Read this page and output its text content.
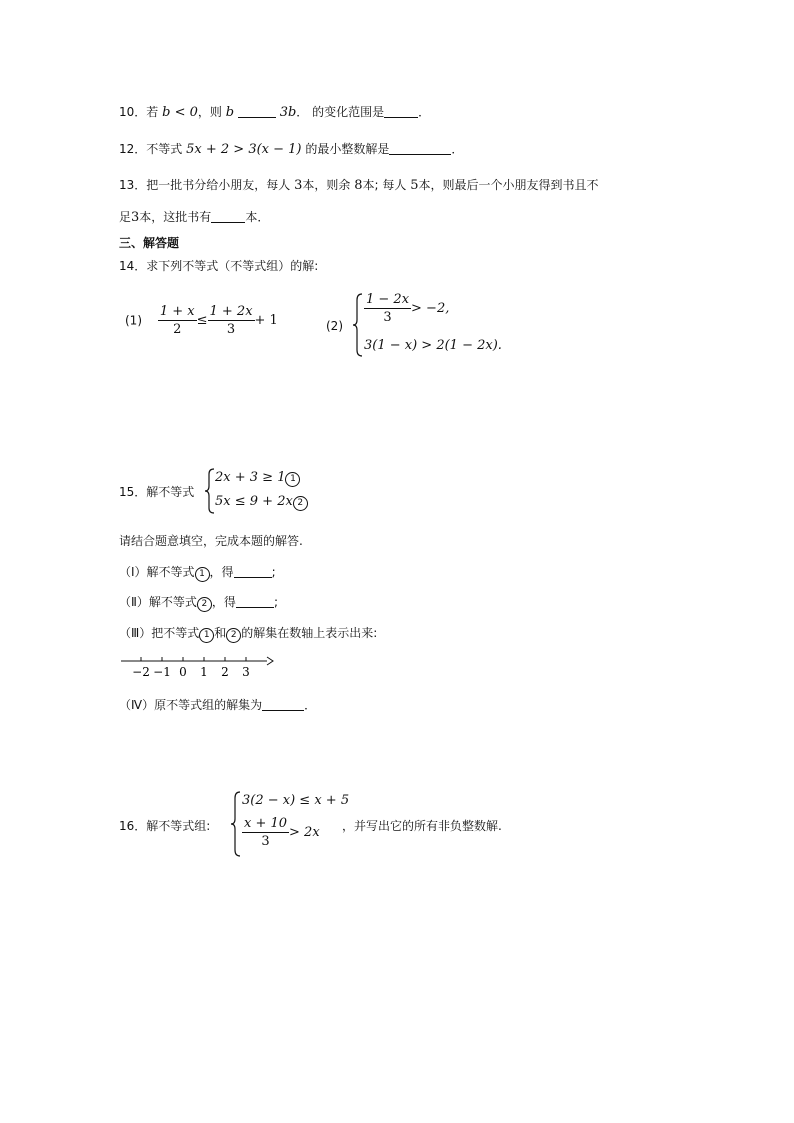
10．若 b < 0，则 b	3b． 的变化范围是	．
12．不等式 5x + 2 > 3(x − 1) 的最小整数解是	．
13．把一批书分给小朋友，每人 3本，则余 8本; 每人 5本，则最后一个小朋友得到书且不
足3本，这批书有	本．
三、解答题
14．求下列不等式（不等式组）的解:
$(1) \frac{1 + x}{2} \le \frac{1 + 2x}{3} + 1$	(2)
$\frac{1 - 2x}{3} > -2$,
3(1 − x) > 2(1 − 2x).
15．解不等式
2x + 3 ≥ 1 1
5x ≤ 9 + 2x 2
请结合题意填空，完成本题的解答.
（Ⅰ）解不等式 1 ，得	;
（Ⅱ）解不等式 2 ，得	;
（Ⅲ）把不等式 1 和 2 的解集在数轴上表示出来:
−2 −1 0 1 2 3
（Ⅳ）原不等式组的解集为	．
16．解不等式组:
3(2 − x) ≤ x + 5
$\frac{x + 10}{3} > 2x$ ，并写出它的所有非负整数解.
